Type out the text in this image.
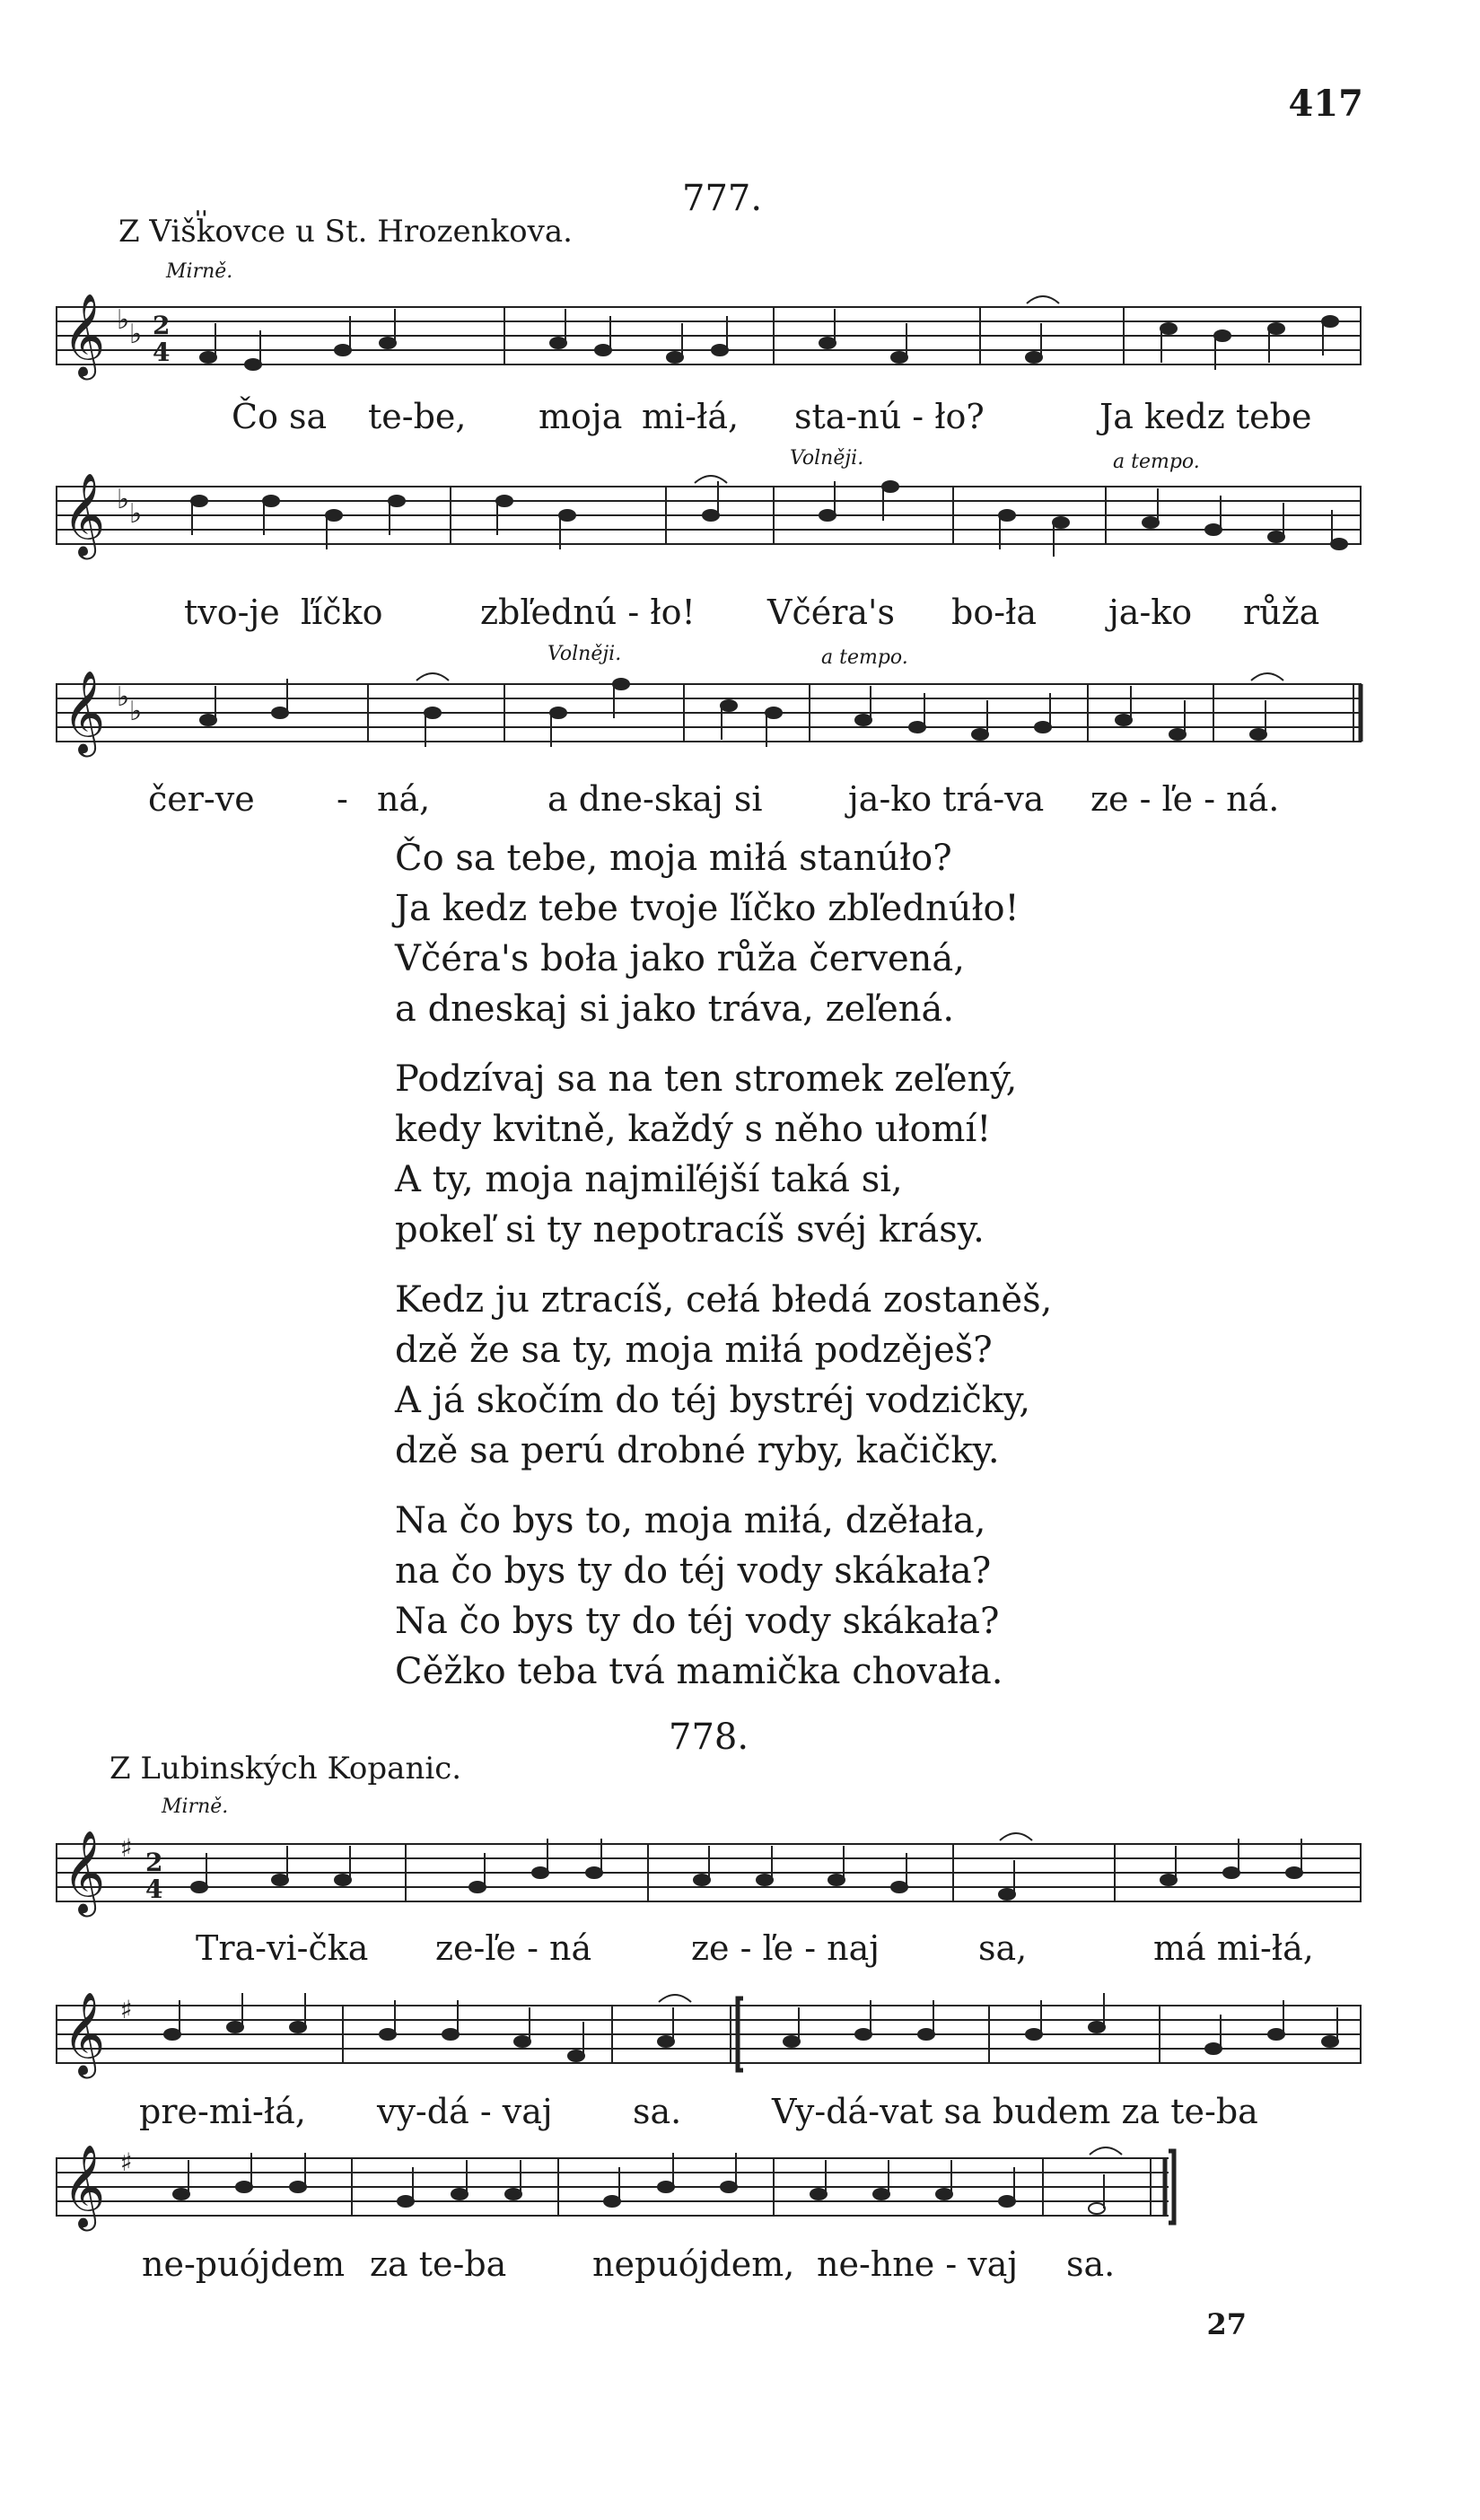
417
27
777.
Z Višk̎ovce u St. Hrozenkova.
Mirně.
𝄞 ♭ ♭ 2
4
Čo sa te-be, moja mi-łá, sta-nú - ło?	Ja kedz tebe
Volněji.	a tempo.
𝄞 ♭ ♭
tvo-je ľíčko	zbľednú - ło! Včéra's bo-ła ja-ko růža
Volněji.	a tempo.
𝄞 ♭ ♭
čer-ve - ná,	a dne-skaj si	ja-ko trá-va ze - ľe - ná.
Čo sa tebe, moja miłá stanúło?
Ja kedz tebe tvoje ľíčko zbľednúło!
Včéra's boła jako růža červená,
a dneskaj si jako tráva, zeľená.
Podzívaj sa na ten stromek zeľený,
kedy kvitně, každý s něho ułomí!
A ty, moja najmiľéjší taká si,
pokeľ si ty nepotracíš svéj krásy.
Kedz ju ztracíš, cełá błedá zostaněš,
dzě že sa ty, moja miłá podzěješ?
A já skočím do téj bystréj vodzičky,
dzě sa perú drobné ryby, kačičky.
Na čo bys to, moja miłá, dzěłała,
na čo bys ty do téj vody skákała?
Na čo bys ty do téj vody skákała?
Cěžko teba tvá mamička chovała.
778.
Z Lubinských Kopanic.
Mirně.
𝄞 ♯ 2
4
Tra-vi-čka ze-ľe - ná	ze - ľe - naj	sa,	má mi-łá,
𝄞 ♯
pre-mi-łá, vy-dá - vaj sa.	Vy-dá-vat sa budem za te-ba
𝄞 ♯
ne-puójdem za te-ba	nepuójdem, ne-hne - vaj sa.
